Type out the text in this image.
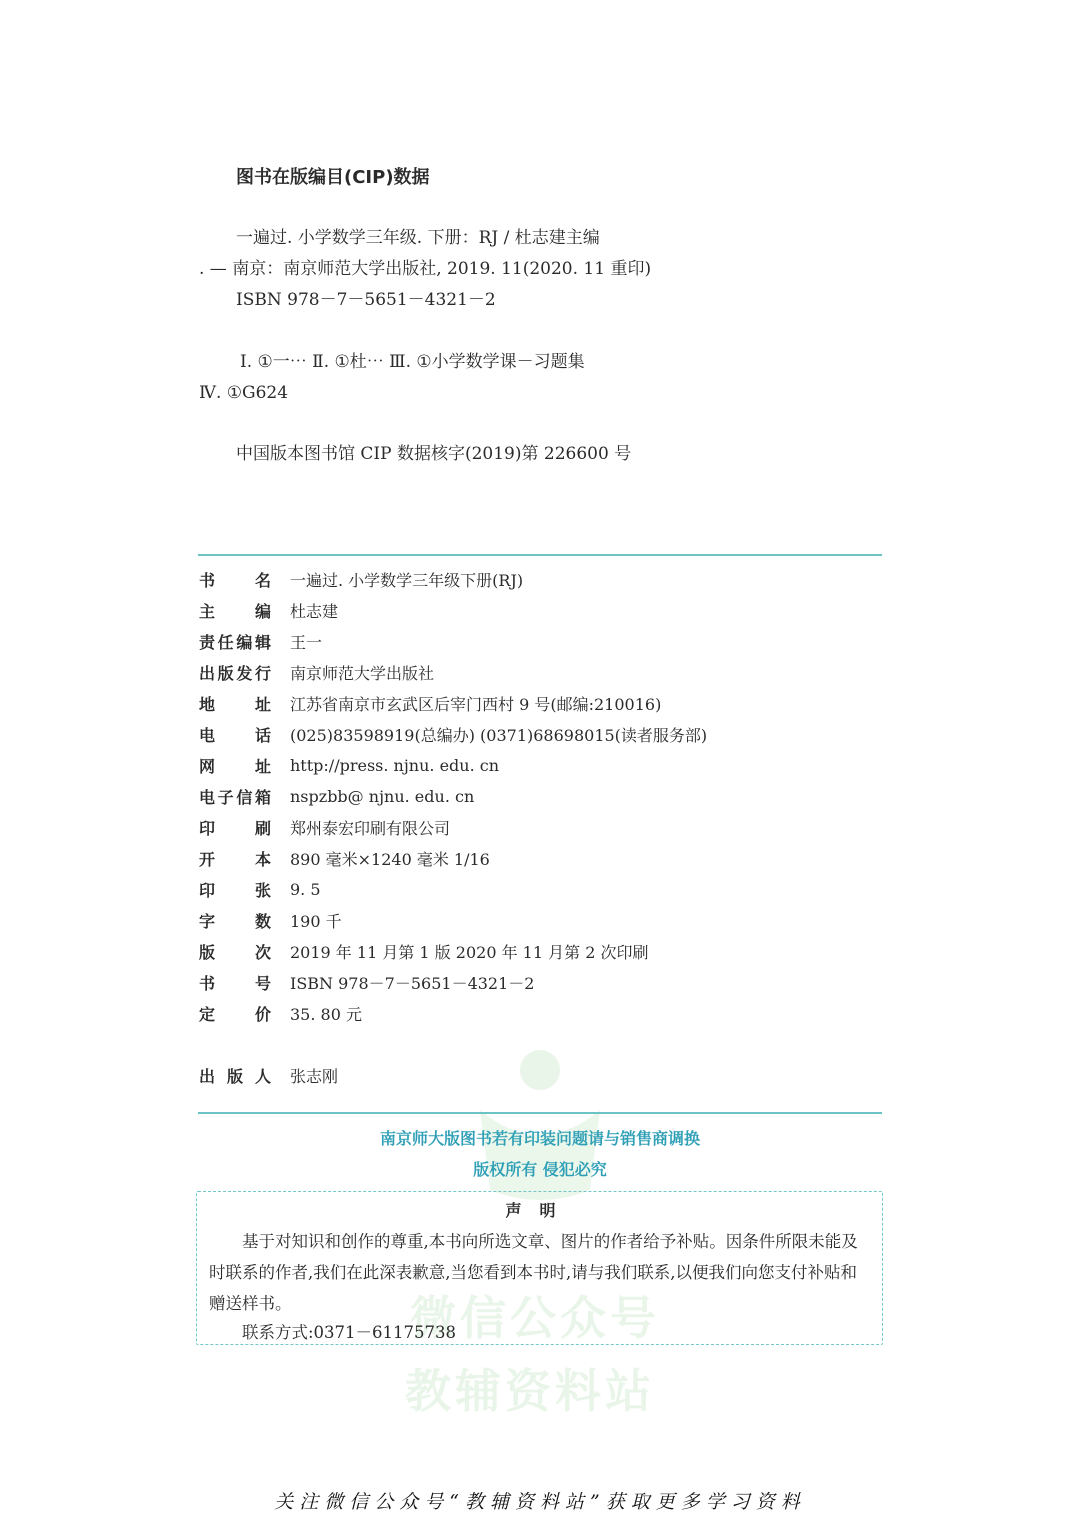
图书在版编目(CIP)数据
一遍过. 小学数学三年级. 下册：RJ / 杜志建主编
. — 南京：南京师范大学出版社, 2019. 11(2020. 11 重印)
ISBN 978－7－5651－4321－2
Ⅰ. ①一⋯ Ⅱ. ①杜⋯ Ⅲ. ①小学数学课－习题集
Ⅳ. ①G624
中国版本图书馆 CIP 数据核字(2019)第 226600 号
微信公众号
教辅资料站
书 名 一遍过. 小学数学三年级下册(RJ)
主 编 杜志建
责 任 编 辑 王一
出 版 发 行 南京师范大学出版社
地 址 江苏省南京市玄武区后宰门西村 9 号(邮编:210016)
电 话 (025)83598919(总编办) (0371)68698015(读者服务部)
网 址 http://press. njnu. edu. cn
电 子 信 箱 nspzbb@ njnu. edu. cn
印 刷 郑州泰宏印刷有限公司
开 本 890 毫米×1240 毫米 1/16
印 张 9. 5
字 数 190 千
版 次 2019 年 11 月第 1 版 2020 年 11 月第 2 次印刷
书 号 ISBN 978－7－5651－4321－2
定 价 35. 80 元
出 版 人 张志刚
南京师大版图书若有印装问题请与销售商调换
版权所有 侵犯必究
声明

基于对知识和创作的尊重,本书向所选文章、图片的作者给予补贴。因条件所限未能及时联系的作者,我们在此深表歉意,当您看到本书时,请与我们联系,以便我们向您支付补贴和赠送样书。

联系方式:0371－61175738
关注微信公众号“教辅资料站”获取更多学习资料
